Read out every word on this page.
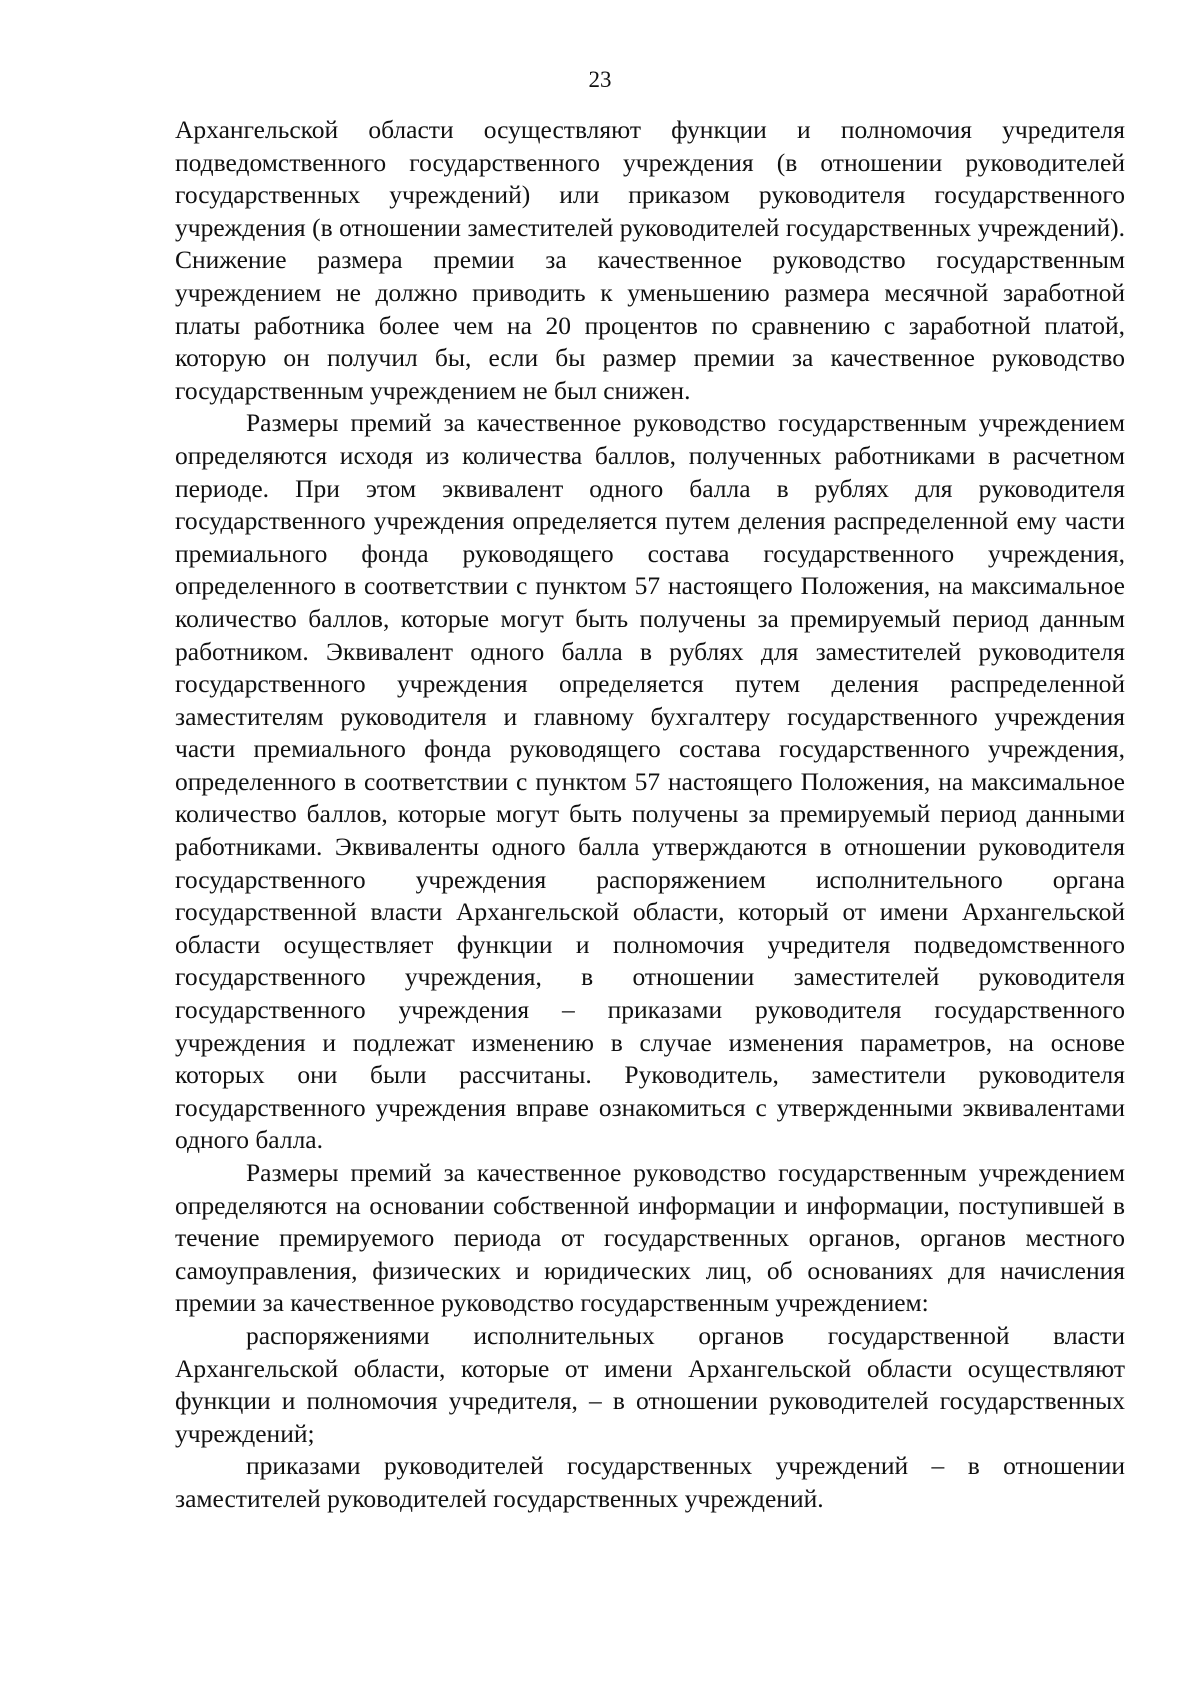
23

Архангельской области осуществляют функции и полномочия учредителя подведомственного государственного учреждения (в отношении руководителей государственных учреждений) или приказом руководителя государственного учреждения (в отношении заместителей руководителей государственных учреждений). Снижение размера премии за качественное руководство государственным учреждением не должно приводить к уменьшению размера месячной заработной платы работника более чем на 20 процентов по сравнению с заработной платой, которую он получил бы, если бы размер премии за качественное руководство государственным учреждением не был снижен.

Размеры премий за качественное руководство государственным учреждением определяются исходя из количества баллов, полученных работниками в расчетном периоде. При этом эквивалент одного балла в рублях для руководителя государственного учреждения определяется путем деления распределенной ему части премиального фонда руководящего состава государственного учреждения, определенного в соответствии с пунктом 57 настоящего Положения, на максимальное количество баллов, которые могут быть получены за премируемый период данным работником. Эквивалент одного балла в рублях для заместителей руководителя государственного учреждения определяется путем деления распределенной заместителям руководителя и главному бухгалтеру государственного учреждения части премиального фонда руководящего состава государственного учреждения, определенного в соответствии с пунктом 57 настоящего Положения, на максимальное количество баллов, которые могут быть получены за премируемый период данными работниками. Эквиваленты одного балла утверждаются в отношении руководителя государственного учреждения распоряжением исполнительного органа государственной власти Архангельской области, который от имени Архангельской области осуществляет функции и полномочия учредителя подведомственного государственного учреждения, в отношении заместителей руководителя государственного учреждения – приказами руководителя государственного учреждения и подлежат изменению в случае изменения параметров, на основе которых они были рассчитаны. Руководитель, заместители руководителя государственного учреждения вправе ознакомиться с утвержденными эквивалентами одного балла.

Размеры премий за качественное руководство государственным учреждением определяются на основании собственной информации и информации, поступившей в течение премируемого периода от государственных органов, органов местного самоуправления, физических и юридических лиц, об основаниях для начисления премии за качественное руководство государственным учреждением:

распоряжениями исполнительных органов государственной власти Архангельской области, которые от имени Архангельской области осуществляют функции и полномочия учредителя, – в отношении руководителей государственных учреждений;

приказами руководителей государственных учреждений – в отношении заместителей руководителей государственных учреждений.
